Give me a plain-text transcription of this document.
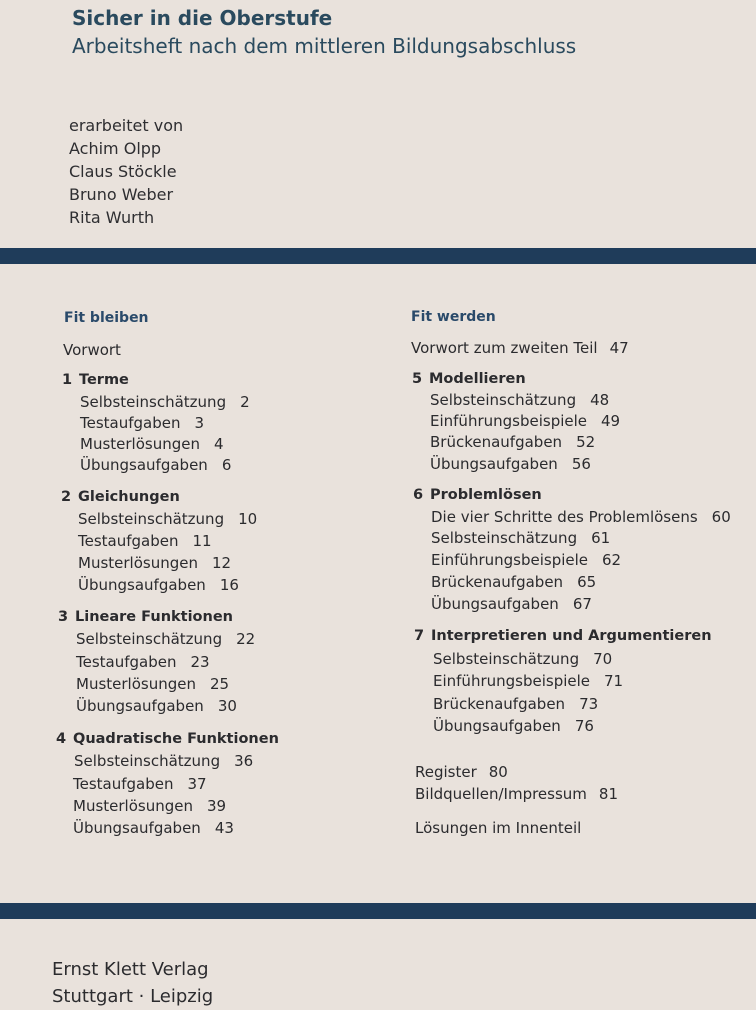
Sicher in die Oberstufe
Arbeitsheft nach dem mittleren Bildungsabschluss
erarbeitet von
Achim Olpp
Claus Stöckle
Bruno Weber
Rita Wurth
Fit bleiben
Vorwort
1 Terme
Selbsteinschätzung 2
Testaufgaben 3
Musterlösungen 4
Übungsaufgaben 6
2 Gleichungen
Selbsteinschätzung 10
Testaufgaben 11
Musterlösungen 12
Übungsaufgaben 16
3 Lineare Funktionen
Selbsteinschätzung 22
Testaufgaben 23
Musterlösungen 25
Übungsaufgaben 30
4 Quadratische Funktionen
Selbsteinschätzung 36
Testaufgaben 37
Musterlösungen 39
Übungsaufgaben 43
Fit werden
Vorwort zum zweiten Teil 47
5 Modellieren
Selbsteinschätzung 48
Einführungsbeispiele 49
Brückenaufgaben 52
Übungsaufgaben 56
6 Problemlösen
Die vier Schritte des Problemlösens 60
Selbsteinschätzung 61
Einführungsbeispiele 62
Brückenaufgaben 65
Übungsaufgaben 67
7 Interpretieren und Argumentieren
Selbsteinschätzung 70
Einführungsbeispiele 71
Brückenaufgaben 73
Übungsaufgaben 76
Register 80
Bildquellen/Impressum 81
Lösungen im Innenteil
Ernst Klett Verlag
Stuttgart · Leipzig
